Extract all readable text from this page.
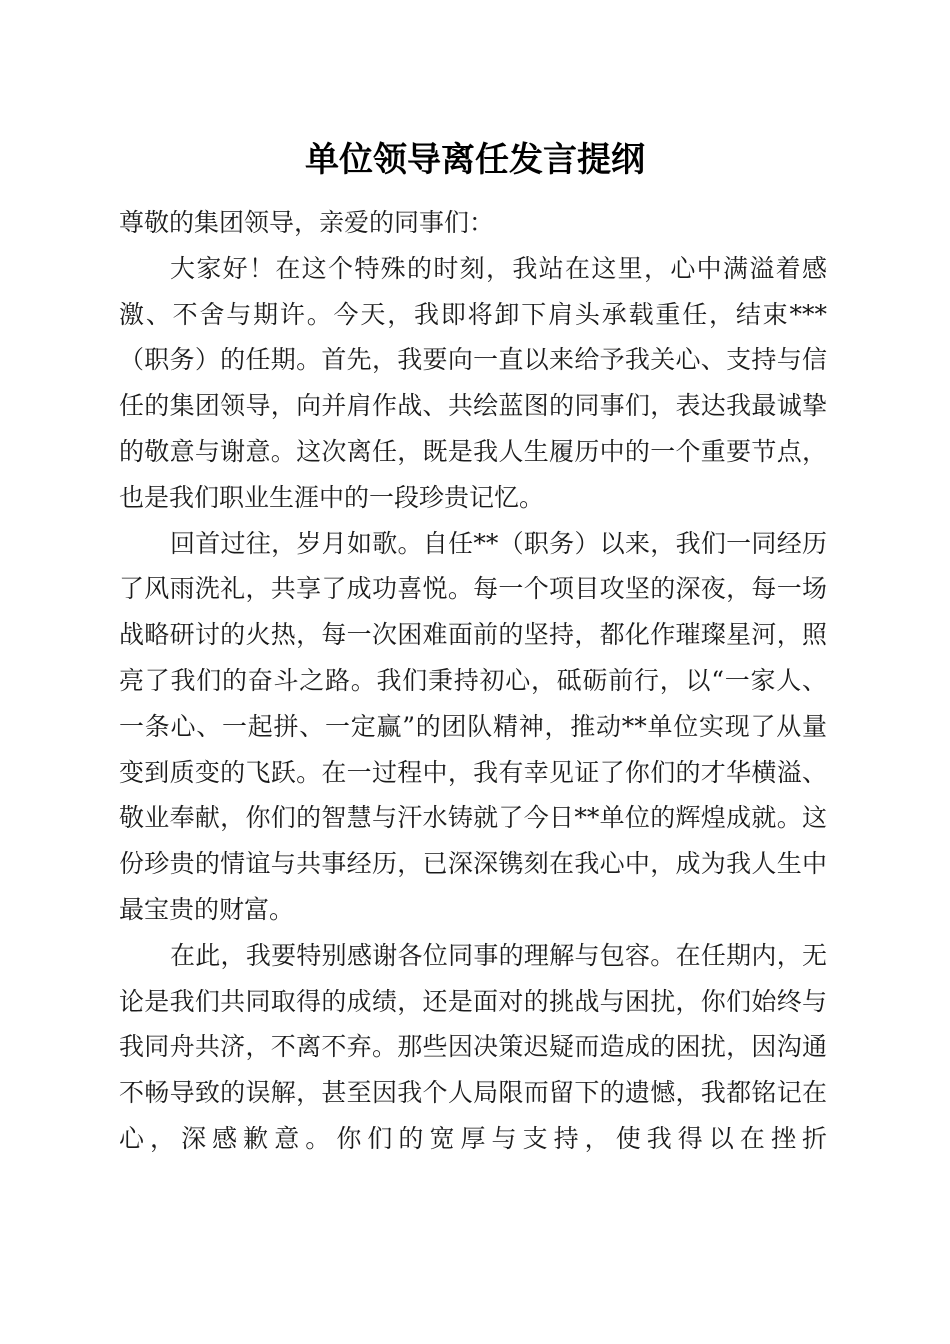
单位领导离任发言提纲

尊敬的集团领导，亲爱的同事们：

大家好！在这个特殊的时刻，我站在这里，心中满溢着感激、不舍与期许。今天，我即将卸下肩头承载重任，结束***（职务）的任期。首先，我要向一直以来给予我关心、支持与信任的集团领导，向并肩作战、共绘蓝图的同事们，表达我最诚挚的敬意与谢意。这次离任，既是我人生履历中的一个重要节点，也是我们职业生涯中的一段珍贵记忆。

回首过往，岁月如歌。自任**（职务）以来，我们一同经历了风雨洗礼，共享了成功喜悦。每一个项目攻坚的深夜，每一场战略研讨的火热，每一次困难面前的坚持，都化作璀璨星河，照亮了我们的奋斗之路。我们秉持初心，砥砺前行，以“一家人、一条心、一起拼、一定赢”的团队精神，推动**单位实现了从量变到质变的飞跃。在一过程中，我有幸见证了你们的才华横溢、敬业奉献，你们的智慧与汗水铸就了今日**单位的辉煌成就。这份珍贵的情谊与共事经历，已深深镌刻在我心中，成为我人生中最宝贵的财富。

在此，我要特别感谢各位同事的理解与包容。在任期内，无论是我们共同取得的成绩，还是面对的挑战与困扰，你们始终与我同舟共济，不离不弃。那些因决策迟疑而造成的困扰，因沟通不畅导致的误解，甚至因我个人局限而留下的遗憾，我都铭记在心，深感歉意。你们的宽厚与支持，使我得以在挫折
